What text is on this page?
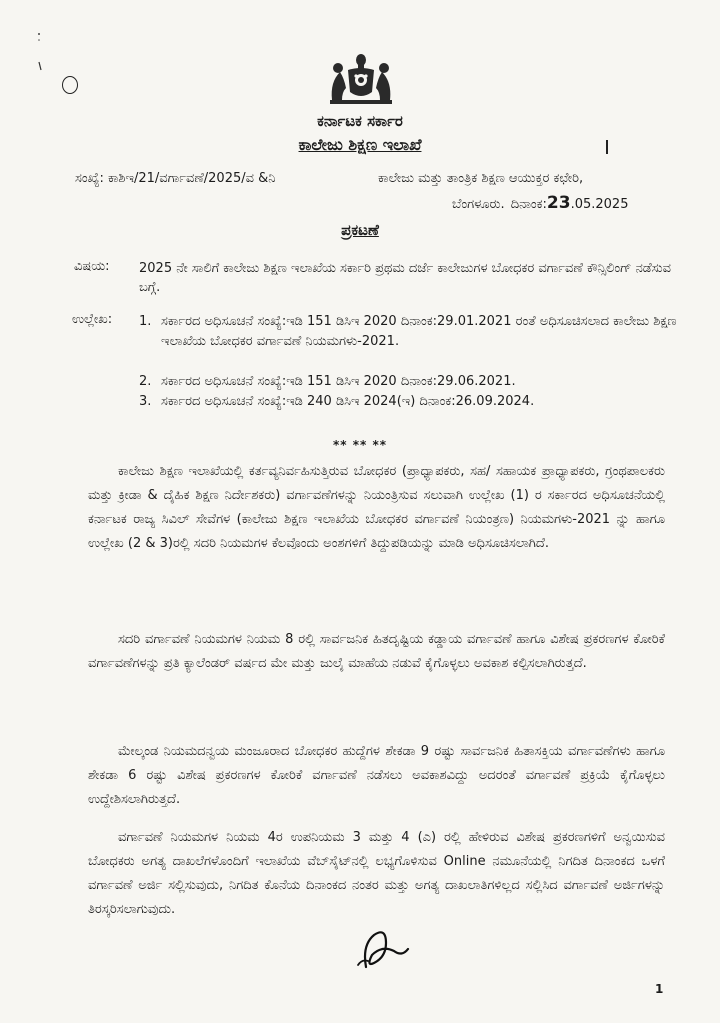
ಕರ್ನಾಟಕ ಸರ್ಕಾರ
ಕಾಲೇಜು ಶಿಕ್ಷಣ ಇಲಾಖೆ
ಸಂಖ್ಯೆ: ಕಾಶಿಇ/21/ವರ್ಗಾವಣೆ/2025/ವ &ನಿ	ಕಾಲೇಜು ಮತ್ತು ತಾಂತ್ರಿಕ ಶಿಕ್ಷಣ ಆಯುಕ್ತರ ಕಛೇರಿ,
ಬೆಂಗಳೂರು. ದಿನಾಂಕ:23.05.2025
ಪ್ರಕಟಣೆ
ವಿಷಯ: 2025 ನೇ ಸಾಲಿಗೆ ಕಾಲೇಜು ಶಿಕ್ಷಣ ಇಲಾಖೆಯ ಸರ್ಕಾರಿ ಪ್ರಥಮ ದರ್ಜೆ ಕಾಲೇಜುಗಳ ಬೋಧಕರ ವರ್ಗಾವಣೆ ಕೌನ್ಸಿಲಿಂಗ್ ನಡೆಸುವ ಬಗ್ಗೆ.
ಉಲ್ಲೇಖ: 1. ಸರ್ಕಾರದ ಅಧಿಸೂಚನೆ ಸಂಖ್ಯೆ:ಇಡಿ 151 ಡಿಸಿಇ 2020 ದಿನಾಂಕ:29.01.2021 ರಂತೆ ಅಧಿಸೂಚಿಸಲಾದ ಕಾಲೇಜು ಶಿಕ್ಷಣ ಇಲಾಖೆಯ ಬೋಧಕರ ವರ್ಗಾವಣೆ ನಿಯಮಗಳು-2021.
2. ಸರ್ಕಾರದ ಅಧಿಸೂಚನೆ ಸಂಖ್ಯೆ:ಇಡಿ 151 ಡಿಸಿಇ 2020 ದಿನಾಂಕ:29.06.2021.
3. ಸರ್ಕಾರದ ಅಧಿಸೂಚನೆ ಸಂಖ್ಯೆ:ಇಡಿ 240 ಡಿಸಿಇ 2024(ಇ) ದಿನಾಂಕ:26.09.2024.
** ** **
ಕಾಲೇಜು ಶಿಕ್ಷಣ ಇಲಾಖೆಯಲ್ಲಿ ಕರ್ತವ್ಯನಿರ್ವಹಿಸುತ್ತಿರುವ ಬೋಧಕರ (ಪ್ರಾಧ್ಯಾಪಕರು, ಸಹ/ ಸಹಾಯಕ ಪ್ರಾಧ್ಯಾಪಕರು, ಗ್ರಂಥಪಾಲಕರು ಮತ್ತು ಕ್ರೀಡಾ & ದೈಹಿಕ ಶಿಕ್ಷಣ ನಿರ್ದೇಶಕರು) ವರ್ಗಾವಣೆಗಳನ್ನು ನಿಯಂತ್ರಿಸುವ ಸಲುವಾಗಿ ಉಲ್ಲೇಖ (1) ರ ಸರ್ಕಾರದ ಅಧಿಸೂಚನೆಯಲ್ಲಿ ಕರ್ನಾಟಕ ರಾಜ್ಯ ಸಿವಿಲ್ ಸೇವೆಗಳ (ಕಾಲೇಜು ಶಿಕ್ಷಣ ಇಲಾಖೆಯ ಬೋಧಕರ ವರ್ಗಾವಣೆ ನಿಯಂತ್ರಣ) ನಿಯಮಗಳು-2021 ನ್ನು ಹಾಗೂ ಉಲ್ಲೇಖ (2 & 3)ರಲ್ಲಿ ಸದರಿ ನಿಯಮಗಳ ಕೆಲವೊಂದು ಅಂಶಗಳಿಗೆ ತಿದ್ದುಪಡಿಯನ್ನು ಮಾಡಿ ಅಧಿಸೂಚಿಸಲಾಗಿದೆ.
ಸದರಿ ವರ್ಗಾವಣೆ ನಿಯಮಗಳ ನಿಯಮ 8 ರಲ್ಲಿ ಸಾರ್ವಜನಿಕ ಹಿತದೃಷ್ಟಿಯ ಕಡ್ಡಾಯ ವರ್ಗಾವಣೆ ಹಾಗೂ ವಿಶೇಷ ಪ್ರಕರಣಗಳ ಕೋರಿಕೆ ವರ್ಗಾವಣೆಗಳನ್ನು ಪ್ರತಿ ಕ್ಯಾಲೆಂಡರ್ ವರ್ಷದ ಮೇ ಮತ್ತು ಜುಲೈ ಮಾಹೆಯ ನಡುವೆ ಕೈಗೊಳ್ಳಲು ಅವಕಾಶ ಕಲ್ಪಿಸಲಾಗಿರುತ್ತದೆ.
ಮೇಲ್ಕಂಡ ನಿಯಮದನ್ವಯ ಮಂಜೂರಾದ ಬೋಧಕರ ಹುದ್ದೆಗಳ ಶೇಕಡಾ 9 ರಷ್ಟು ಸಾರ್ವಜನಿಕ ಹಿತಾಸಕ್ತಿಯ ವರ್ಗಾವಣೆಗಳು ಹಾಗೂ ಶೇಕಡಾ 6 ರಷ್ಟು ವಿಶೇಷ ಪ್ರಕರಣಗಳ ಕೋರಿಕೆ ವರ್ಗಾವಣೆ ನಡೆಸಲು ಅವಕಾಶವಿದ್ದು ಅದರಂತೆ ವರ್ಗಾವಣೆ ಪ್ರಕ್ರಿಯೆ ಕೈಗೊಳ್ಳಲು ಉದ್ದೇಶಿಸಲಾಗಿರುತ್ತದೆ.
ವರ್ಗಾವಣೆ ನಿಯಮಗಳ ನಿಯಮ 4ರ ಉಪನಿಯಮ 3 ಮತ್ತು 4 (ಎ) ರಲ್ಲಿ ಹೇಳಿರುವ ವಿಶೇಷ ಪ್ರಕರಣಗಳಿಗೆ ಅನ್ವಯಿಸುವ ಬೋಧಕರು ಅಗತ್ಯ ದಾಖಲೆಗಳೊಂದಿಗೆ ಇಲಾಖೆಯ ವೆಬ್‌ಸೈಟ್‌ನಲ್ಲಿ ಲಭ್ಯಗೊಳಿಸುವ Online ನಮೂನೆಯಲ್ಲಿ ನಿಗದಿತ ದಿನಾಂಕದ ಒಳಗೆ ವರ್ಗಾವಣೆ ಅರ್ಜಿ ಸಲ್ಲಿಸುವುದು, ನಿಗದಿತ ಕೊನೆಯ ದಿನಾಂಕದ ನಂತರ ಮತ್ತು ಅಗತ್ಯ ದಾಖಲಾತಿಗಳಿಲ್ಲದ ಸಲ್ಲಿಸಿದ ವರ್ಗಾವಣೆ ಅರ್ಜಿಗಳನ್ನು ತಿರಸ್ಕರಿಸಲಾಗುವುದು.
1
